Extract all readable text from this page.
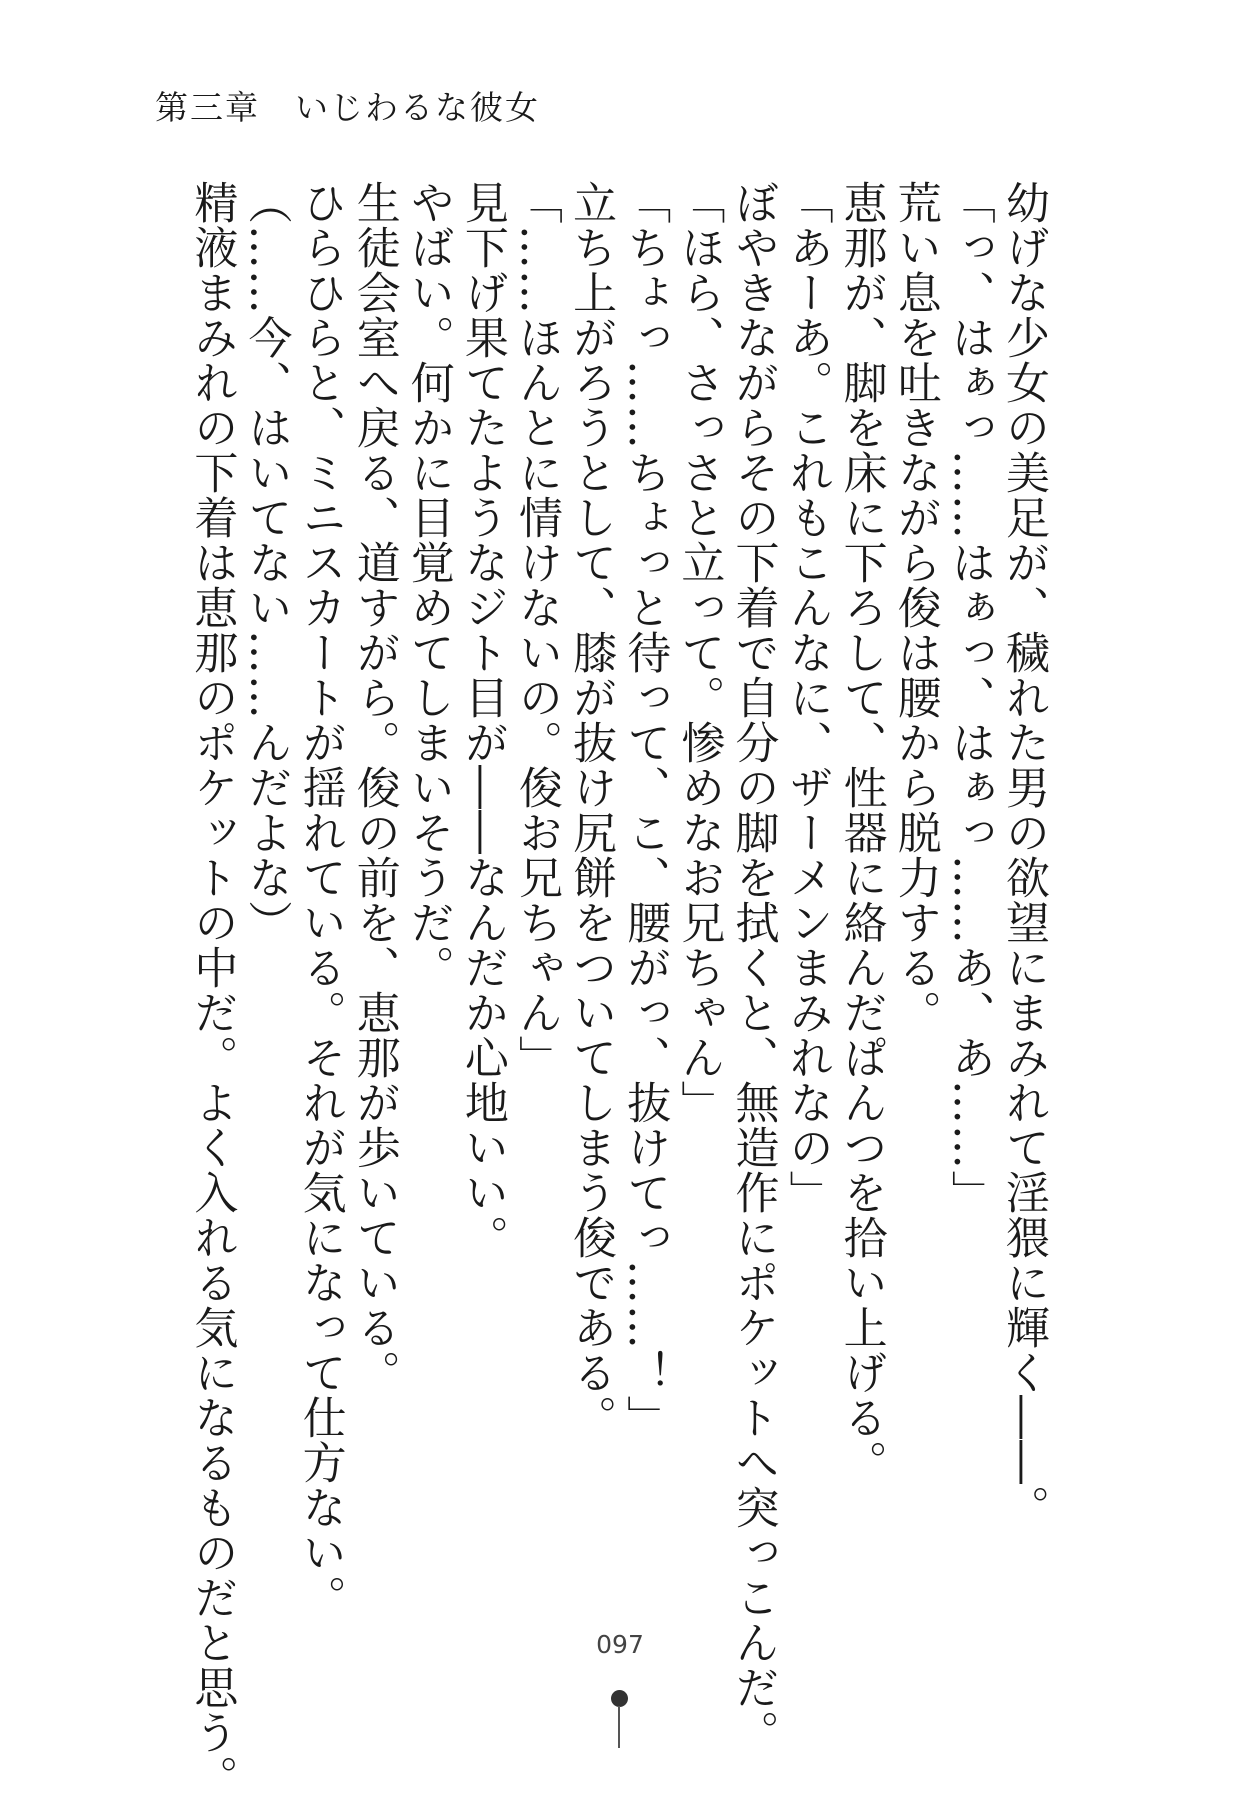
第三章　いじわるな彼女
幼げな少女の美足が、穢れた男の欲望にまみれて淫猥に輝く――。
「っ、はぁっ……はぁっ、はぁっ……あ、あ……」
荒い息を吐きながら俊は腰から脱力する。
恵那が、脚を床に下ろして、性器に絡んだぱんつを拾い上げる。
「あーあ。これもこんなに、ザーメンまみれなの」
ぼやきながらその下着で自分の脚を拭くと、無造作にポケットへ突っこんだ。
「ほら、さっさと立って。惨めなお兄ちゃん」
「ちょっ……ちょっと待って、こ、腰がっ、抜けてっ……！」
立ち上がろうとして、膝が抜け尻餅をついてしまう俊である。
「……ほんとに情けないの。俊お兄ちゃん」
見下げ果てたようなジト目が――なんだか心地いい。
やばい。何かに目覚めてしまいそうだ。
生徒会室へ戻る、道すがら。俊の前を、恵那が歩いている。
ひらひらと、ミニスカートが揺れている。それが気になって仕方ない。
（……今、はいてない……んだよな）
精液まみれの下着は恵那のポケットの中だ。よく入れる気になるものだと思う。	097
